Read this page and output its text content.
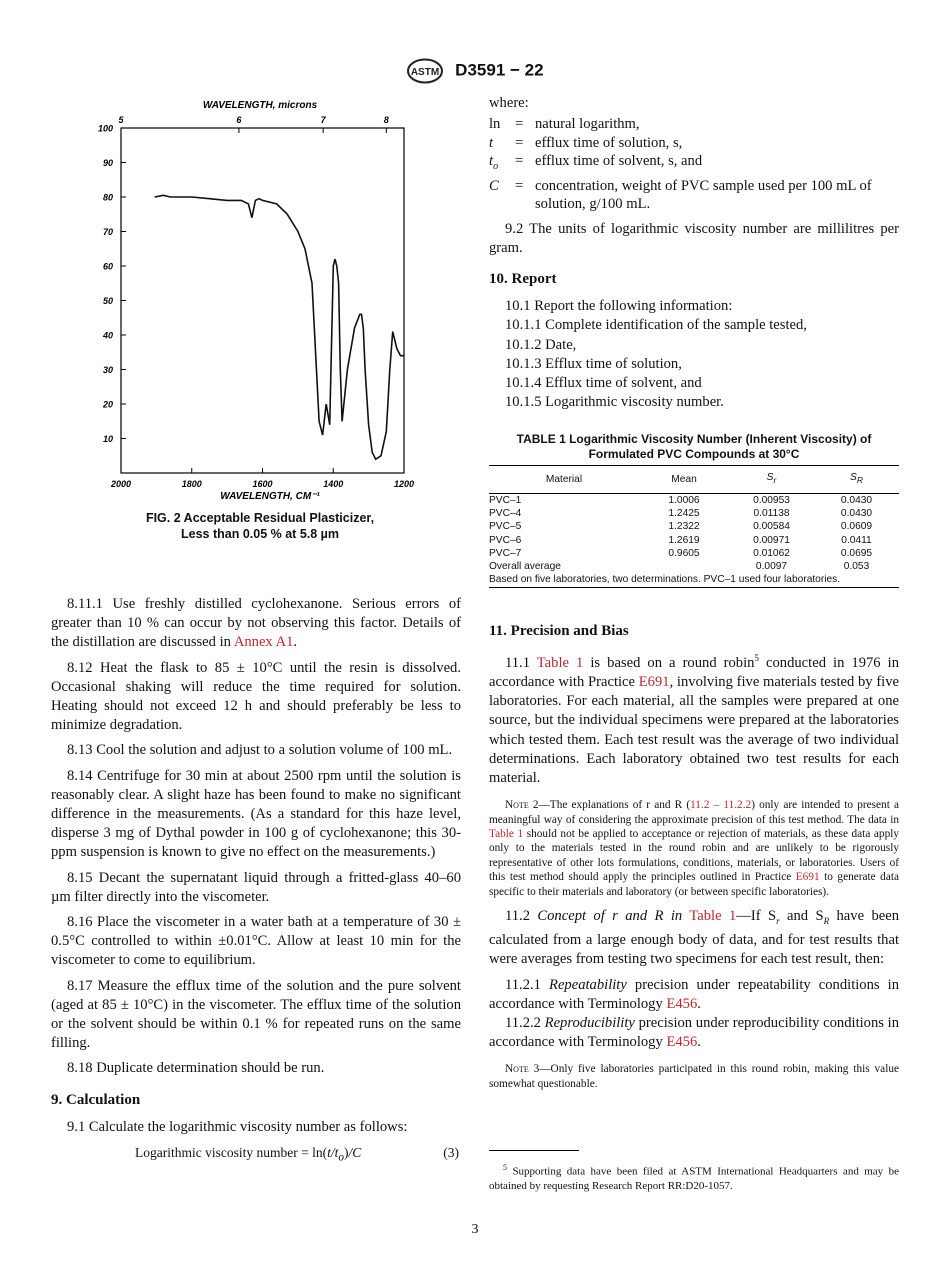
ASTM D3591 − 22
WAVELENGTH, microns
100
90
80
70
60
50
40
30
20
10
2000	1800	1600	1400	1200
5	6	7	8
WAVELENGTH, CM⁻¹
FIG. 2 Acceptable Residual Plasticizer,
Less than 0.05 % at 5.8 µm

8.11.1 Use freshly distilled cyclohexanone. Serious errors of greater than 10 % can occur by not observing this factor. Details of the distillation are discussed in Annex A1.

8.12 Heat the flask to 85 ± 10°C until the resin is dissolved. Occasional shaking will reduce the time required for solution. Heating should not exceed 12 h and should preferably be less to minimize degradation.

8.13 Cool the solution and adjust to a solution volume of 100 mL.

8.14 Centrifuge for 30 min at about 2500 rpm until the solution is reasonably clear. A slight haze has been found to make no significant difference in the measurements. (As a standard for this haze level, disperse 3 mg of Dythal powder in 100 g of cyclohexanone; this 30-ppm suspension is known to give no effect on the measurements.)

8.15 Decant the supernatant liquid through a fritted-glass 40–60 µm filter directly into the viscometer.

8.16 Place the viscometer in a water bath at a temperature of 30 ± 0.5°C controlled to within ±0.01°C. Allow at least 10 min for the viscometer to come to equilibrium.

8.17 Measure the efflux time of the solution and the pure solvent (aged at 85 ± 10°C) in the viscometer. The efflux time of the solution or the solvent should be within 0.1 % for repeated runs on the same filling.

8.18 Duplicate determination should be run.

9. Calculation

9.1 Calculate the logarithmic viscosity number as follows:

Logarithmic viscosity number = $\ln(t/t_o)/C$	(3)
where:
ln	=	natural logarithm,
t	=	efflux time of solution, s,
$t_o$	=	efflux time of solvent, s, and
C	=	concentration, weight of PVC sample used per 100 mL of solution, g/100 mL.

9.2 The units of logarithmic viscosity number are millilitres per gram.

10. Report
10.1 Report the following information:
10.1.1 Complete identification of the sample tested,
10.1.2 Date,
10.1.3 Efflux time of solution,
10.1.4 Efflux time of solvent, and
10.1.5 Logarithmic viscosity number.
TABLE 1 Logarithmic Viscosity Number (Inherent Viscosity) of
Formulated PVC Compounds at 30°C
Material	Mean	$S_r$	$S_R$
PVC–1	1.0006	0.00953	0.0430
PVC–4	1.2425	0.01138	0.0430
PVC–5	1.2322	0.00584	0.0609
PVC–6	1.2619	0.00971	0.0411
PVC–7	0.9605	0.01062	0.0695
Overall average		0.0097	0.053
Based on five laboratories, two determinations. PVC–1 used four laboratories.			
11. Precision and Bias

11.1 Table 1 is based on a round robin$^5$ conducted in 1976 in accordance with Practice E691, involving five materials tested by five laboratories. For each material, all the samples were prepared at one source, but the individual specimens were prepared at the laboratories which tested them. Each test result was the average of two individual determinations. Each laboratory obtained two test results for each material.

Note 2—The explanations of r and R (11.2 – 11.2.2) only are intended to present a meaningful way of considering the approximate precision of this test method. The data in Table 1 should not be applied to acceptance or rejection of materials, as these data apply only to the materials tested in the round robin and are unlikely to be rigorously representative of other lots formulations, conditions, materials, or laboratories. Users of this test method should apply the principles outlined in Practice E691 to generate data specific to their materials and laboratory (or between specific laboratories).

11.2 Concept of r and R in Table 1—If $S_r$ and $S_R$ have been calculated from a large enough body of data, and for test results that were averages from testing two specimens for each test result, then:

11.2.1 Repeatability precision under repeatability conditions in accordance with Terminology E456.

11.2.2 Reproducibility precision under reproducibility conditions in accordance with Terminology E456.

Note 3—Only five laboratories participated in this round robin, making this value somewhat questionable.
$^5$ Supporting data have been filed at ASTM International Headquarters and may be obtained by requesting Research Report RR:D20-1057.
3
